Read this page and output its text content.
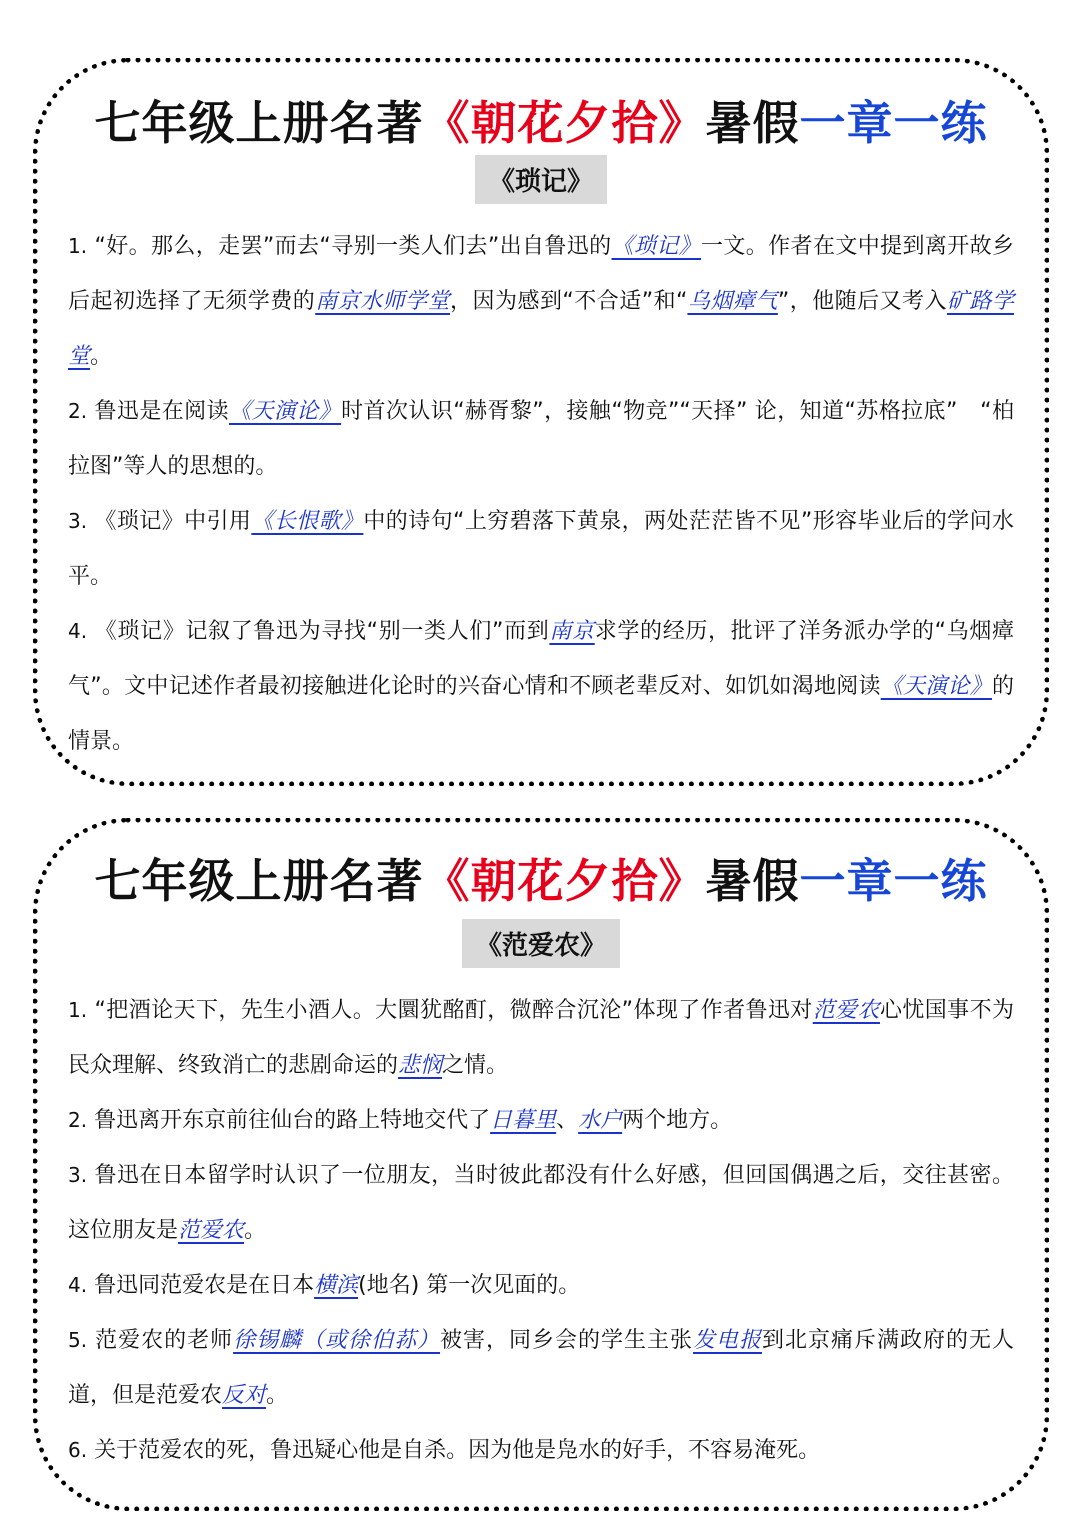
七年级上册名著《朝花夕拾》暑假一章一练
《琐记》

1. “好。那么，走罢”而去“寻别一类人们去”出自鲁迅的《琐记》一文。作者在文中提到离开故乡后起初选择了无须学费的南京水师学堂，因为感到“不合适”和“乌烟瘴气”，他随后又考入矿路学堂。

2. 鲁迅是在阅读《天演论》时首次认识“赫胥黎”，接触“物竞”“天择” 论，知道“苏格拉底”　“柏拉图”等人的思想的。

3. 《琐记》中引用《长恨歌》中的诗句“上穷碧落下黄泉，两处茫茫皆不见”形容毕业后的学问水平。

4. 《琐记》记叙了鲁迅为寻找“别一类人们”而到南京求学的经历，批评了洋务派办学的“乌烟瘴气”。文中记述作者最初接触进化论时的兴奋心情和不顾老辈反对、如饥如渴地阅读《天演论》的情景。

七年级上册名著《朝花夕拾》暑假一章一练
《范爱农》

1. “把酒论天下，先生小酒人。大圜犹酩酊，微醉合沉沦”体现了作者鲁迅对范爱农心忧国事不为民众理解、终致消亡的悲剧命运的悲悯之情。

2. 鲁迅离开东京前往仙台的路上特地交代了日暮里、水户两个地方。

3. 鲁迅在日本留学时认识了一位朋友，当时彼此都没有什么好感，但回国偶遇之后，交往甚密。这位朋友是范爱农。

4. 鲁迅同范爱农是在日本横滨(地名) 第一次见面的。

5. 范爱农的老师徐锡麟（或徐伯荪）被害，同乡会的学生主张发电报到北京痛斥满政府的无人道，但是范爱农反对。

6. 关于范爱农的死，鲁迅疑心他是自杀。因为他是凫水的好手，不容易淹死。
